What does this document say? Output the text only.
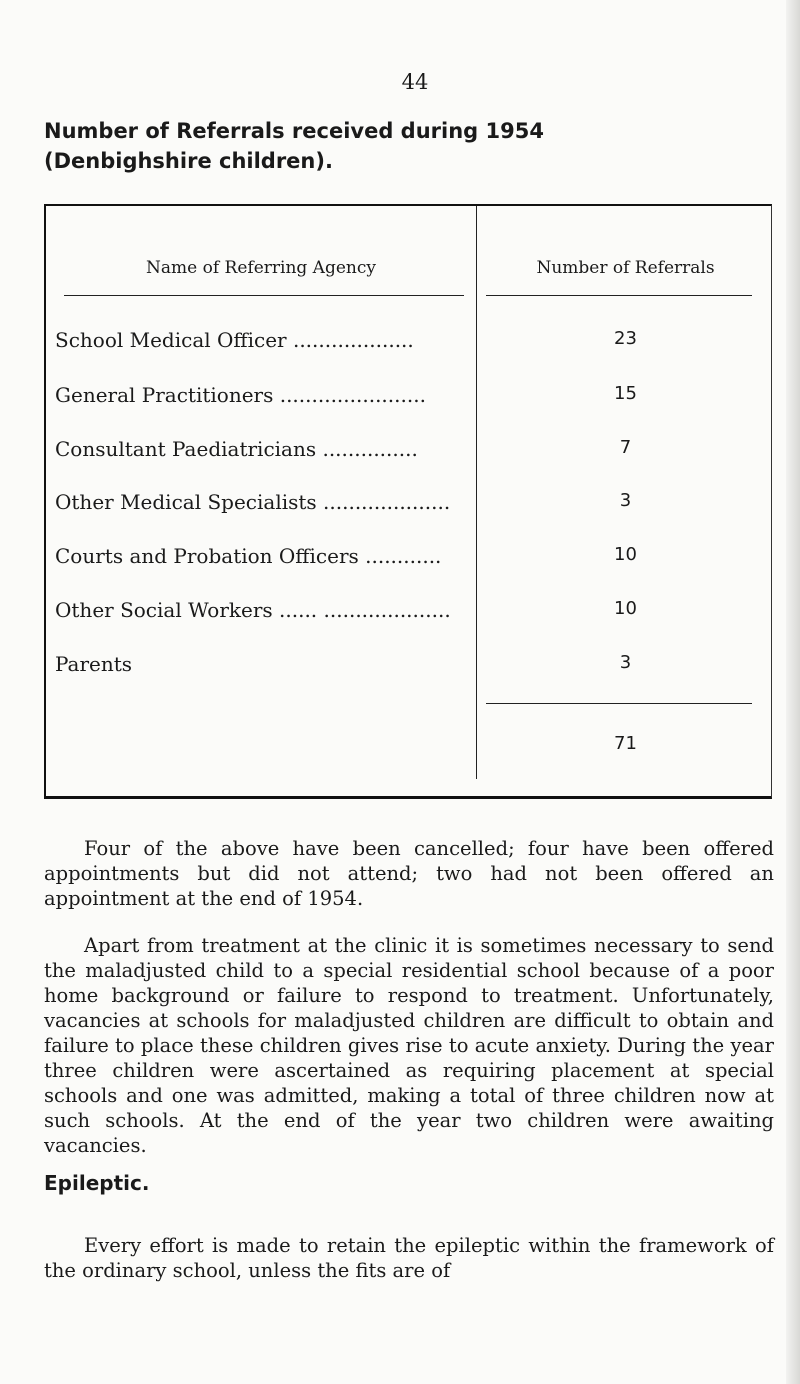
44
Number of Referrals received during 1954
(Denbighshire children).
Name of Referring Agency	Number of Referrals
School Medical Officer ...................	23
General Practitioners .......................	15
Consultant Paediatricians ...............	7
Other Medical Specialists ....................	3
Courts and Probation Officers ............	10
Other Social Workers ...... ....................	10
Parents	3
71

Four of the above have been cancelled; four have been offered appointments but did not attend; two had not been offered an appointment at the end of 1954.

Apart from treatment at the clinic it is sometimes necessary to send the maladjusted child to a special residential school because of a poor home background or failure to respond to treatment. Unfortunately, vacancies at schools for maladjusted children are difficult to obtain and failure to place these children gives rise to acute anxiety. During the year three children were ascertained as requiring placement at special schools and one was admitted, making a total of three children now at such schools. At the end of the year two children were awaiting vacancies.

Epileptic.

Every effort is made to retain the epileptic within the framework of the ordinary school, unless the fits are of
